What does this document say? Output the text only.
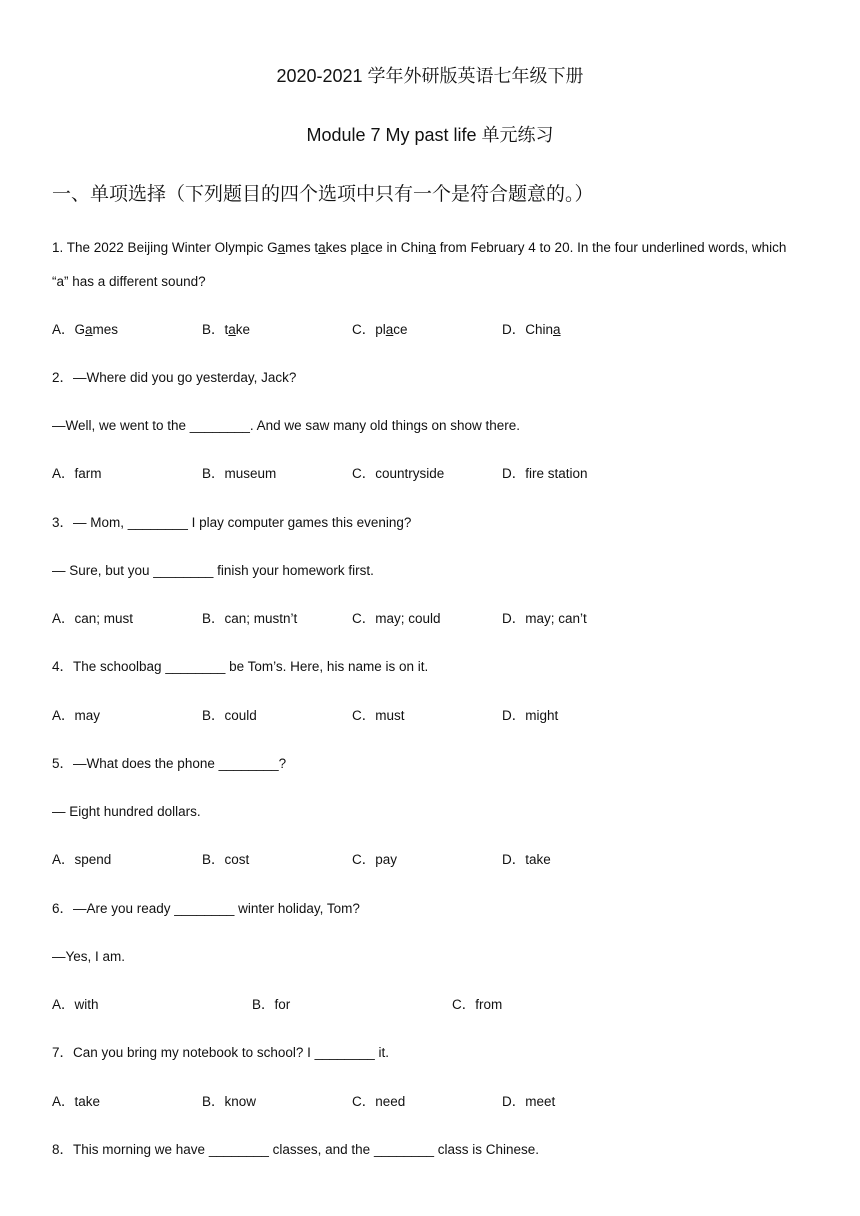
2020-2021 学年外研版英语七年级下册
Module 7 My past life 单元练习
一、单项选择（下列题目的四个选项中只有一个是符合题意的。）
1. The 2022 Beijing Winter Olympic Games takes place in China from February 4 to 20. In the four underlined words, which
“a” has a different sound?
A．Games	B．take	C．place	D．China
2．—Where did you go yesterday, Jack?
—Well, we went to the ________. And we saw many old things on show there.
A．farm	B．museum	C．countryside	D．fire station
3．— Mom, ________ I play computer games this evening?
— Sure, but you ________ finish your homework first.
A．can; must	B．can; mustn’t	C．may; could	D．may; can’t
4．The schoolbag ________ be Tom’s. Here, his name is on it.
A．may	B．could	C．must	D．might
5．—What does the phone ________?
— Eight hundred dollars.
A．spend	B．cost	C．pay	D．take
6．—Are you ready ________ winter holiday, Tom?
—Yes, I am.
A．with	B．for	C．from
7．Can you bring my notebook to school? I ________ it.
A．take	B．know	C．need	D．meet
8．This morning we have ________ classes, and the ________ class is Chinese.
